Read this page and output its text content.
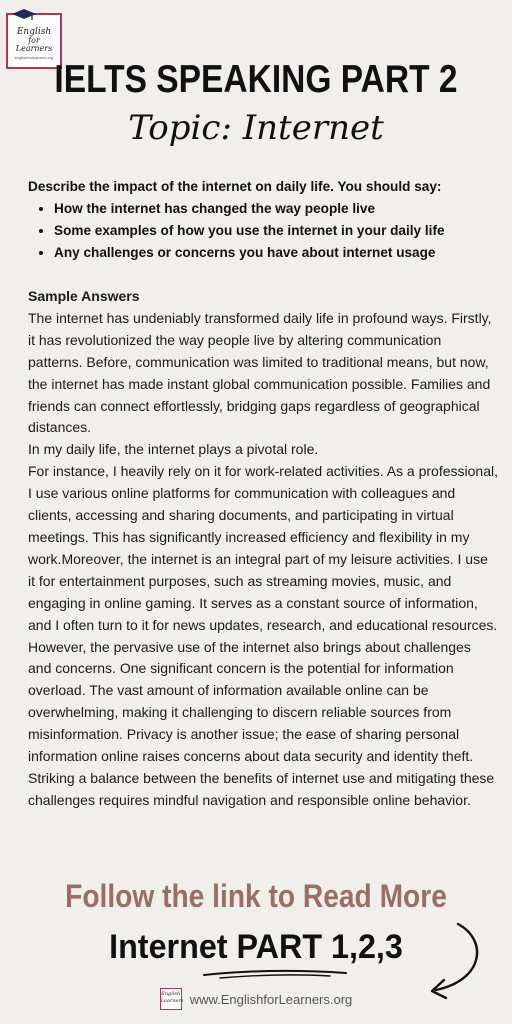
English
for
Learners
englishforlearners.org
IELTS SPEAKING PART 2
Topic: Internet
Describe the impact of the internet on daily life. You should say:
• How the internet has changed the way people live
• Some examples of how you use the internet in your daily life
• Any challenges or concerns you have about internet usage

Sample Answers

The internet has undeniably transformed daily life in profound ways. Firstly, it has revolutionized the way people live by altering communication patterns. Before, communication was limited to traditional means, but now, the internet has made instant global communication possible. Families and friends can connect effortlessly, bridging gaps regardless of geographical distances.

In my daily life, the internet plays a pivotal role.

For instance, I heavily rely on it for work-related activities. As a professional, I use various online platforms for communication with colleagues and clients, accessing and sharing documents, and participating in virtual meetings. This has significantly increased efficiency and flexibility in my work.Moreover, the internet is an integral part of my leisure activities. I use it for entertainment purposes, such as streaming movies, music, and engaging in online gaming. It serves as a constant source of information, and I often turn to it for news updates, research, and educational resources. However, the pervasive use of the internet also brings about challenges and concerns. One significant concern is the potential for information overload. The vast amount of information available online can be overwhelming, making it challenging to discern reliable sources from misinformation. Privacy is another issue; the ease of sharing personal information online raises concerns about data security and identity theft. Striking a balance between the benefits of internet use and mitigating these challenges requires mindful navigation and responsible online behavior.

Follow the link to Read More
Internet PART 1,2,3
English
Learners www.EnglishforLearners.org
